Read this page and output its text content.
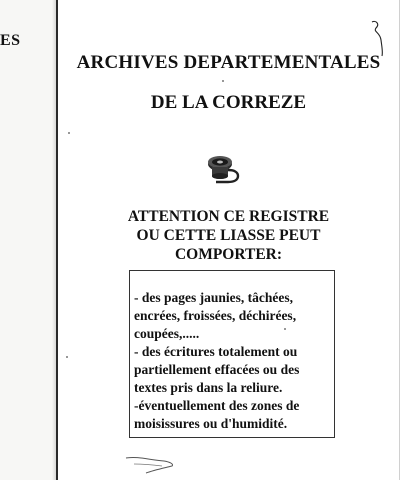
ES
ARCHIVES DEPARTEMENTALES
DE LA CORREZE
ATTENTION CE REGISTRE
OU CETTE LIASSE PEUT
COMPORTER:
- des pages jaunies, tâchées,
encrées, froissées, déchirées,
coupées,.....
- des écritures totalement ou
partiellement effacées ou des
textes pris dans la reliure.
-éventuellement des zones de
moisissures ou d'humidité.
